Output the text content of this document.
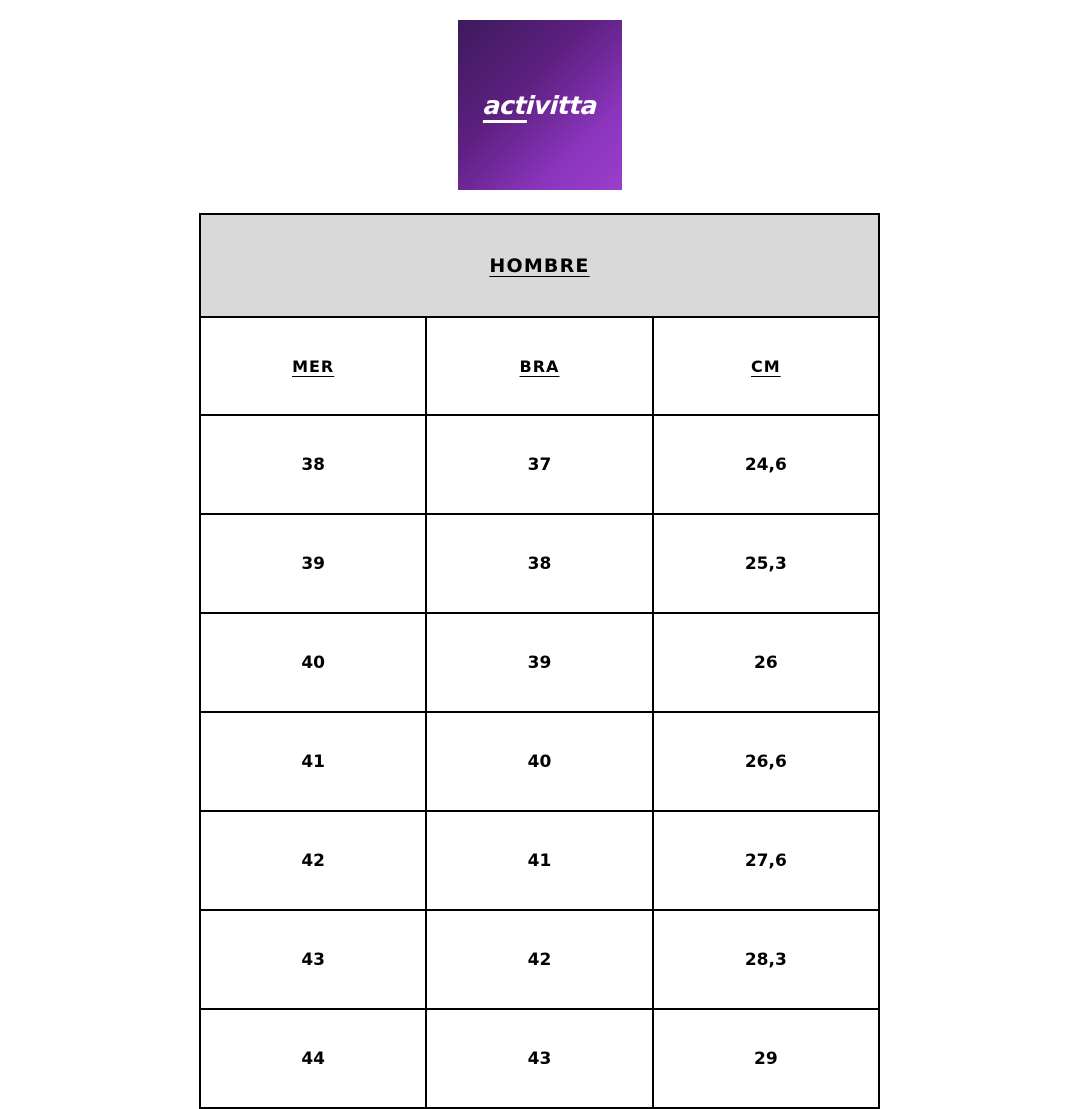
activitta
HOMBRE		
MER	BRA	CM
38	37	24,6
39	38	25,3
40	39	26
41	40	26,6
42	41	27,6
43	42	28,3
44	43	29
